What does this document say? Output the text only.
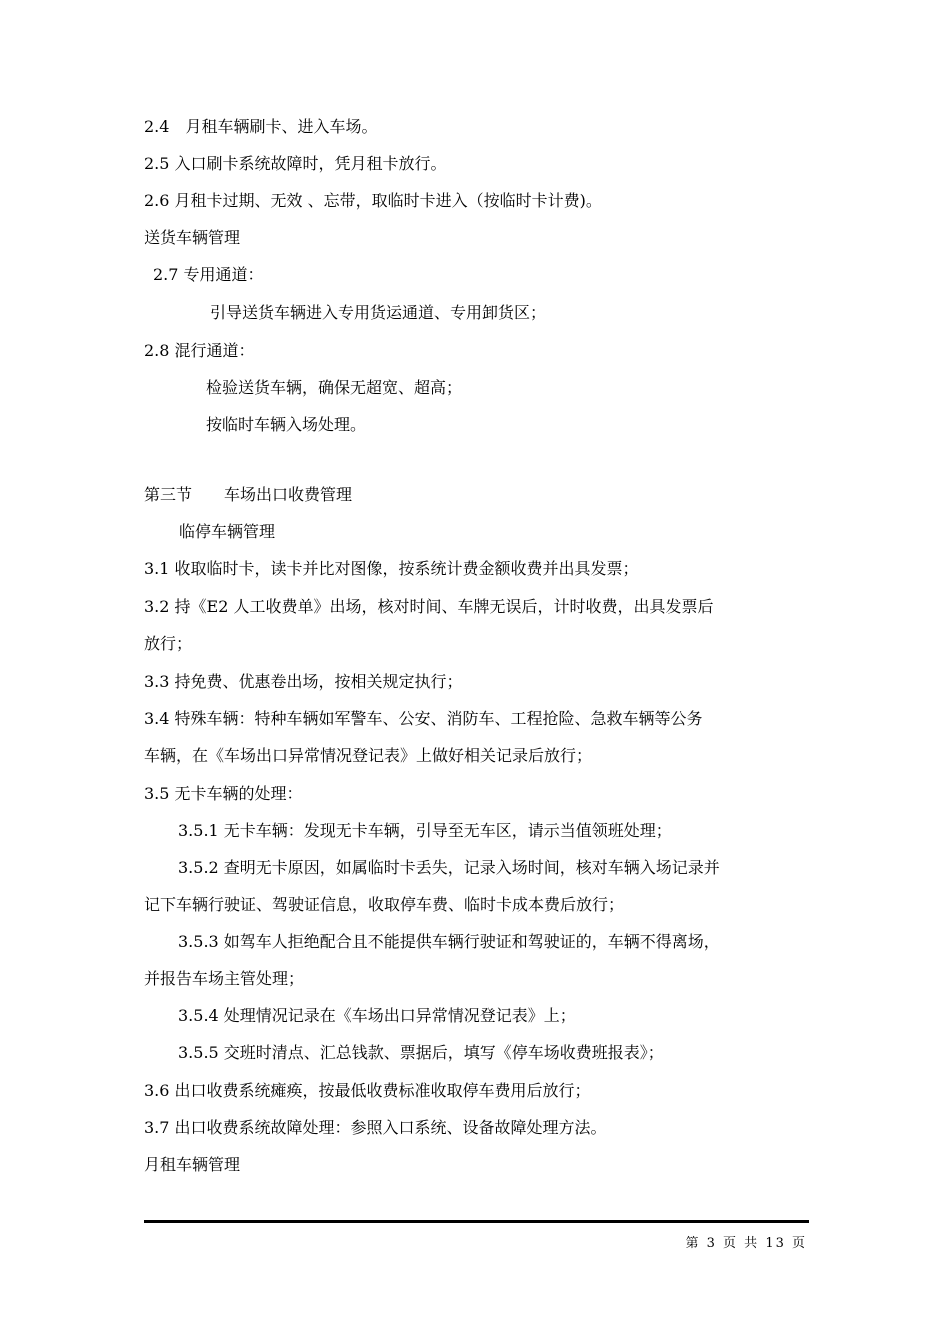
2.4　月租车辆刷卡、进入车场。
2.5 入口刷卡系统故障时，凭月租卡放行。
2.6 月租卡过期、无效 、忘带，取临时卡进入（按临时卡计费)。
送货车辆管理
2.7 专用通道：
引导送货车辆进入专用货运通道、专用卸货区；
2.8 混行通道：
检验送货车辆，确保无超宽、超高；
按临时车辆入场处理。
第三节　　车场出口收费管理
临停车辆管理
3.1 收取临时卡，读卡并比对图像，按系统计费金额收费并出具发票；
3.2 持《E2 人工收费单》出场，核对时间、车牌无误后，计时收费，出具发票后
放行；
3.3 持免费、优惠卷出场，按相关规定执行；
3.4 特殊车辆：特种车辆如军警车、公安、消防车、工程抢险、急救车辆等公务
车辆，在《车场出口异常情况登记表》上做好相关记录后放行；
3.5 无卡车辆的处理：
3.5.1 无卡车辆：发现无卡车辆，引导至无车区，请示当值领班处理；
3.5.2 查明无卡原因，如属临时卡丢失，记录入场时间，核对车辆入场记录并
记下车辆行驶证、驾驶证信息，收取停车费、临时卡成本费后放行；
3.5.3 如驾车人拒绝配合且不能提供车辆行驶证和驾驶证的，车辆不得离场，
并报告车场主管处理；
3.5.4 处理情况记录在《车场出口异常情况登记表》上；
3.5.5 交班时清点、汇总钱款、票据后，填写《停车场收费班报表》；
3.6 出口收费系统瘫痪，按最低收费标准收取停车费用后放行；
3.7 出口收费系统故障处理：参照入口系统、设备故障处理方法。
月租车辆管理
第 3 页 共 13 页
